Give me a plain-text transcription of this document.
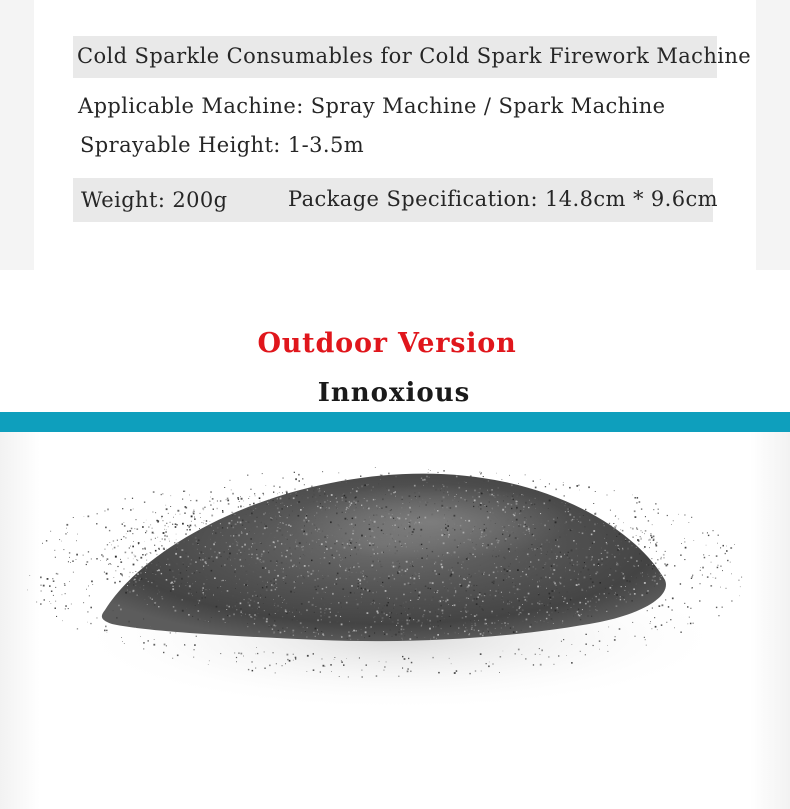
Cold Sparkle Consumables for Cold Spark Firework Machine
Applicable Machine: Spray Machine / Spark Machine
Sprayable Height: 1-3.5m
Weight: 200g	Package Specification: 14.8cm * 9.6cm
Outdoor Version
Innoxious
